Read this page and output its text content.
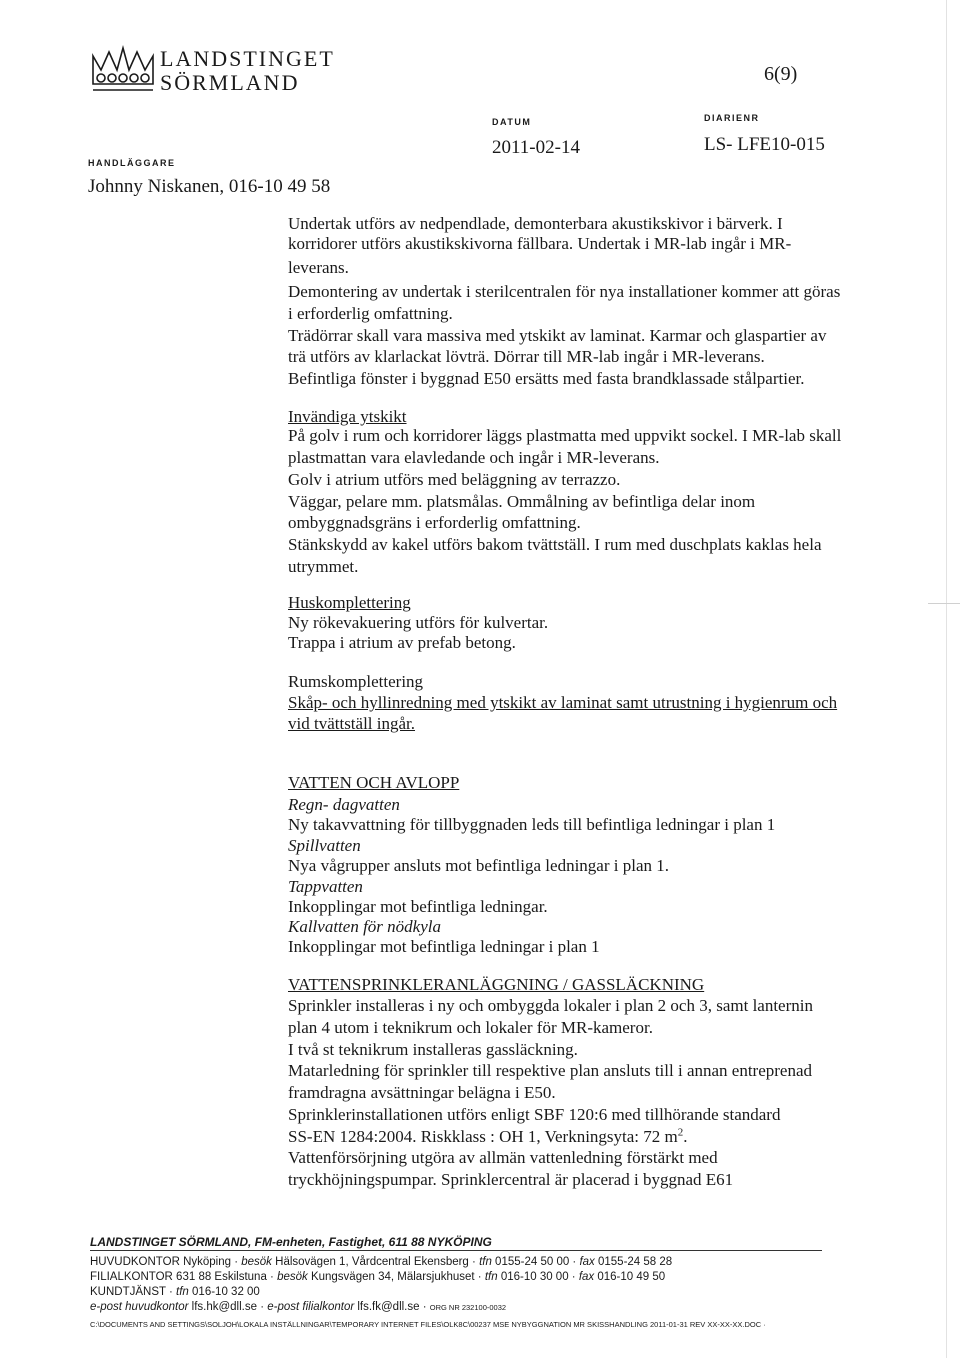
LANDSTINGET
SÖRMLAND	6(9)
DATUM
2011-02-14
DIARIENR
LS- LFE10-015
HANDLÄGGARE
Johnny Niskanen, 016-10 49 58
Undertak utförs av nedpendlade, demonterbara akustikskivor i bärverk. I
korridorer utförs akustikskivorna fällbara. Undertak i MR-lab ingår i MR-
leverans.
Demontering av undertak i sterilcentralen för nya installationer kommer att göras
i erforderlig omfattning.
Trädörrar skall vara massiva med ytskikt av laminat. Karmar och glaspartier av
trä utförs av klarlackat lövträ. Dörrar till MR-lab ingår i MR-leverans.
Befintliga fönster i byggnad E50 ersätts med fasta brandklassade stålpartier.
Invändiga ytskikt
På golv i rum och korridorer läggs plastmatta med uppvikt sockel. I MR-lab skall
plastmattan vara elavledande och ingår i MR-leverans.
Golv i atrium utförs med beläggning av terrazzo.
Väggar, pelare mm. platsmålas. Ommålning av befintliga delar inom
ombyggnadsgräns i erforderlig omfattning.
Stänkskydd av kakel utförs bakom tvättställ. I rum med duschplats kaklas hela
utrymmet.
Huskomplettering
Ny rökevakuering utförs för kulvertar.
Trappa i atrium av prefab betong.
Rumskomplettering
Skåp- och hyllinredning med ytskikt av laminat samt utrustning i hygienrum och
vid tvättställ ingår.
VATTEN OCH AVLOPP
Regn- dagvatten
Ny takavvattning för tillbyggnaden leds till befintliga ledningar i plan 1
Spillvatten
Nya vågrupper ansluts mot befintliga ledningar i plan 1.
Tappvatten
Inkopplingar mot befintliga ledningar.
Kallvatten för nödkyla
Inkopplingar mot befintliga ledningar i plan 1
VATTENSPRINKLERANLÄGGNING / GASSLÄCKNING
Sprinkler installeras i ny och ombyggda lokaler i plan 2 och 3, samt lanternin
plan 4 utom i teknikrum och lokaler för MR-kameror.
I två st teknikrum installeras gassläckning.
Matarledning för sprinkler till respektive plan ansluts till i annan entreprenad
framdragna avsättningar belägna i E50.
Sprinklerinstallationen utförs enligt SBF 120:6 med tillhörande standard
SS-EN 1284:2004. Riskklass : OH 1, Verkningsyta: 72 $m^2$.
Vattenförsörjning utgöra av allmän vattenledning förstärkt med
tryckhöjningspumpar. Sprinklercentral är placerad i byggnad E61
LANDSTINGET SÖRMLAND, FM-enheten, Fastighet, 611 88 NYKÖPING
HUVUDKONTOR Nyköping · besök Hälsovägen 1, Vårdcentral Ekensberg · tfn 0155-24 50 00 · fax 0155-24 58 28
FILIALKONTOR 631 88 Eskilstuna · besök Kungsvägen 34, Mälarsjukhuset · tfn 016-10 30 00 · fax 016-10 49 50
KUNDTJÄNST · tfn 016-10 32 00
e-post huvudkontor lfs.hk@dll.se · e-post filialkontor lfs.fk@dll.se · ORG NR 232100-0032
C:\DOCUMENTS AND SETTINGS\SOLJOH\LOKALA INSTÄLLNINGAR\TEMPORARY INTERNET FILES\OLK8C\00237 MSE NYBYGGNATION MR SKISSHANDLING 2011-01-31 REV XX-XX-XX.DOC ·
